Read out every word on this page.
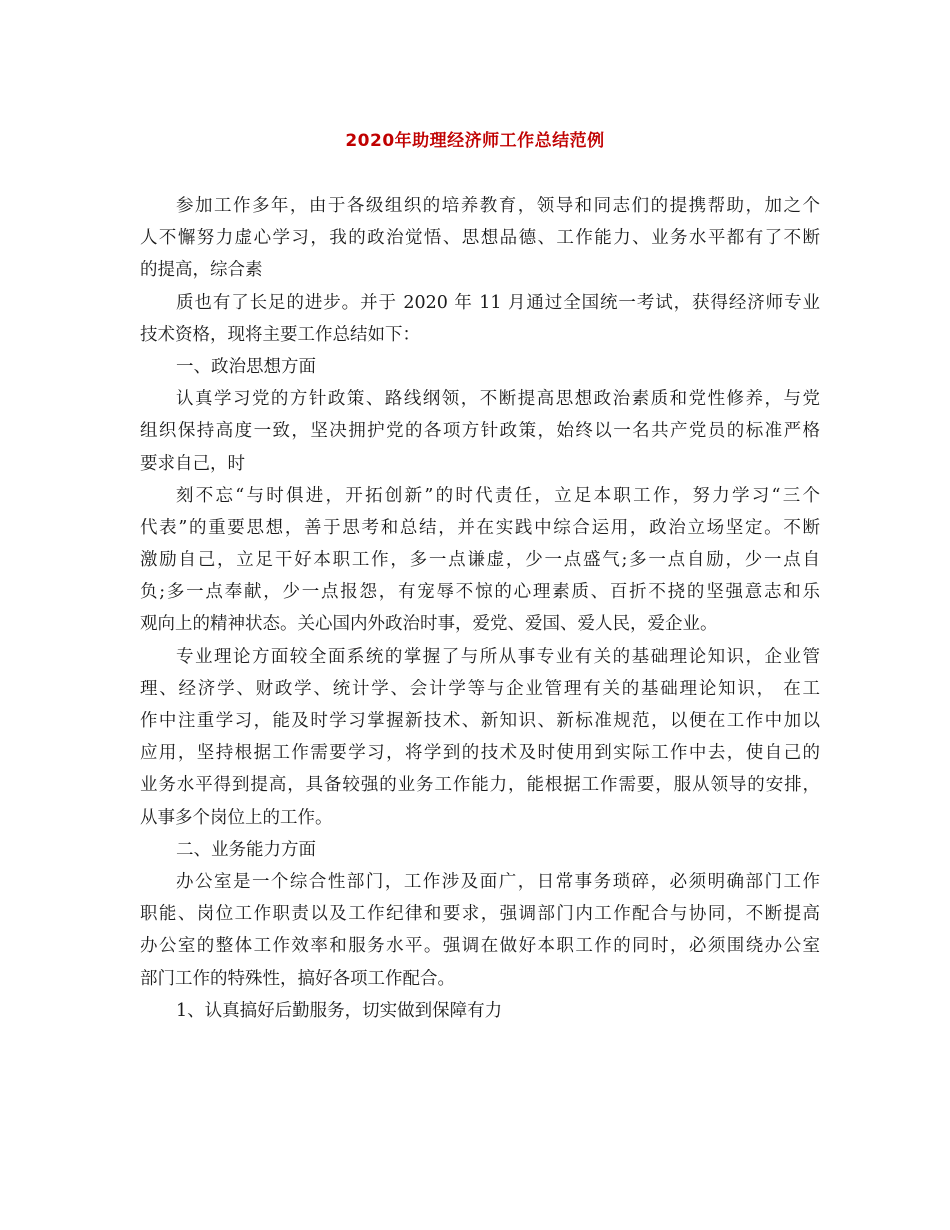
2020年助理经济师工作总结范例
参加工作多年，由于各级组织的培养教育，领导和同志们的提携帮助，加之个
人不懈努力虚心学习，我的政治觉悟、思想品德、工作能力、业务水平都有了不断
的提高，综合素
质也有了长足的进步。并于 2020 年 11 月通过全国统一考试，获得经济师专业
技术资格，现将主要工作总结如下：
一、政治思想方面
认真学习党的方针政策、路线纲领，不断提高思想政治素质和党性修养，与党
组织保持高度一致，坚决拥护党的各项方针政策，始终以一名共产党员的标准严格
要求自己，时
刻不忘“与时俱进，开拓创新”的时代责任，立足本职工作，努力学习“三个
代表”的重要思想，善于思考和总结，并在实践中综合运用，政治立场坚定。不断
激励自己，立足干好本职工作，多一点谦虚，少一点盛气;多一点自励，少一点自
负;多一点奉献，少一点报怨，有宠辱不惊的心理素质、百折不挠的坚强意志和乐
观向上的精神状态。关心国内外政治时事，爱党、爱国、爱人民，爱企业。
专业理论方面较全面系统的掌握了与所从事专业有关的基础理论知识，企业管
理、经济学、财政学、统计学、会计学等与企业管理有关的基础理论知识， 在工
作中注重学习，能及时学习掌握新技术、新知识、新标准规范，以便在工作中加以
应用，坚持根据工作需要学习，将学到的技术及时使用到实际工作中去，使自己的
业务水平得到提高，具备较强的业务工作能力，能根据工作需要，服从领导的安排，
从事多个岗位上的工作。
二、业务能力方面
办公室是一个综合性部门，工作涉及面广，日常事务琐碎，必须明确部门工作
职能、岗位工作职责以及工作纪律和要求，强调部门内工作配合与协同，不断提高
办公室的整体工作效率和服务水平。强调在做好本职工作的同时，必须围绕办公室
部门工作的特殊性，搞好各项工作配合。
1、认真搞好后勤服务，切实做到保障有力
